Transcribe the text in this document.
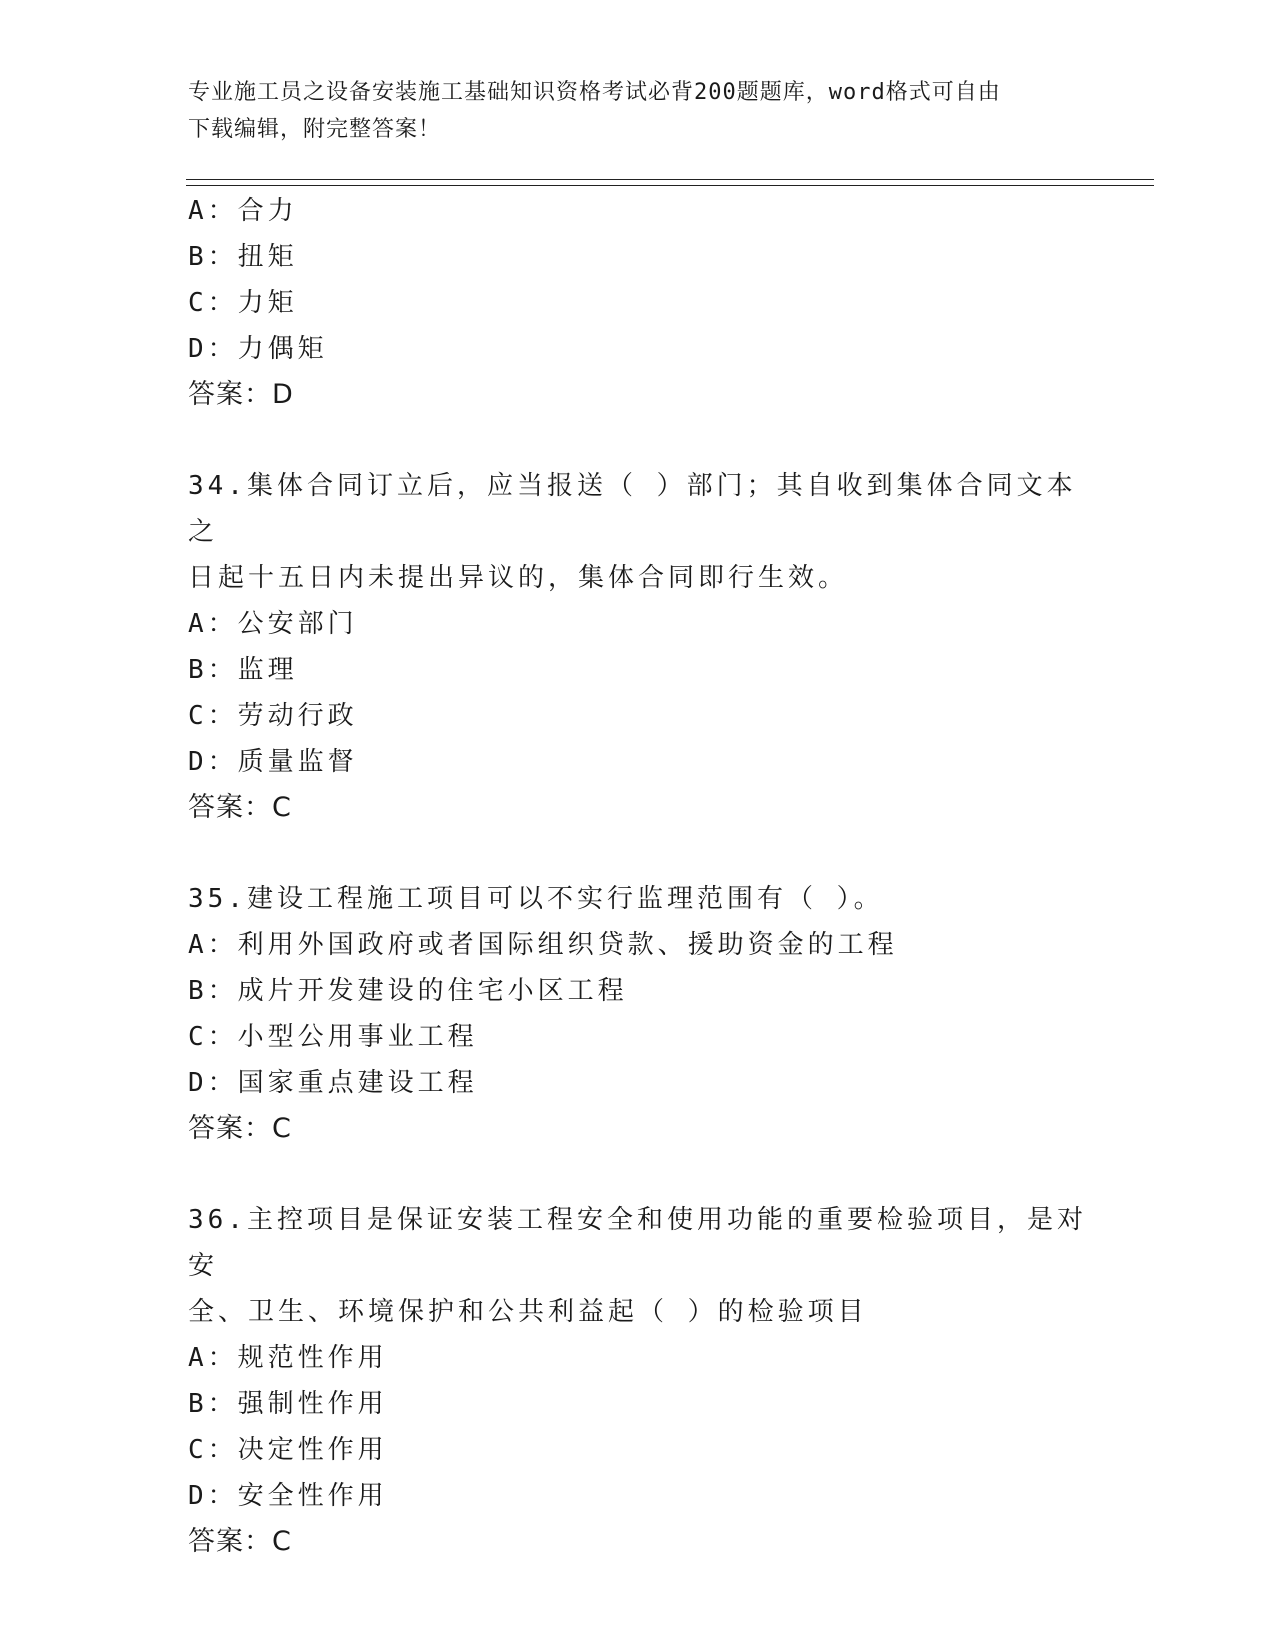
专业施工员之设备安装施工基础知识资格考试必背200题题库，word格式可自由
下载编辑，附完整答案！
A：合力
B：扭矩
C：力矩
D：力偶矩
答案：D
34.集体合同订立后，应当报送（ ）部门；其自收到集体合同文本之
日起十五日内未提出异议的，集体合同即行生效。
A：公安部门
B：监理
C：劳动行政
D：质量监督
答案：C
35.建设工程施工项目可以不实行监理范围有（ ）。
A：利用外国政府或者国际组织贷款、援助资金的工程
B：成片开发建设的住宅小区工程
C：小型公用事业工程
D：国家重点建设工程
答案：C
36.主控项目是保证安装工程安全和使用功能的重要检验项目，是对安
全、卫生、环境保护和公共利益起（ ）的检验项目
A：规范性作用
B：强制性作用
C：决定性作用
D：安全性作用
答案：C
